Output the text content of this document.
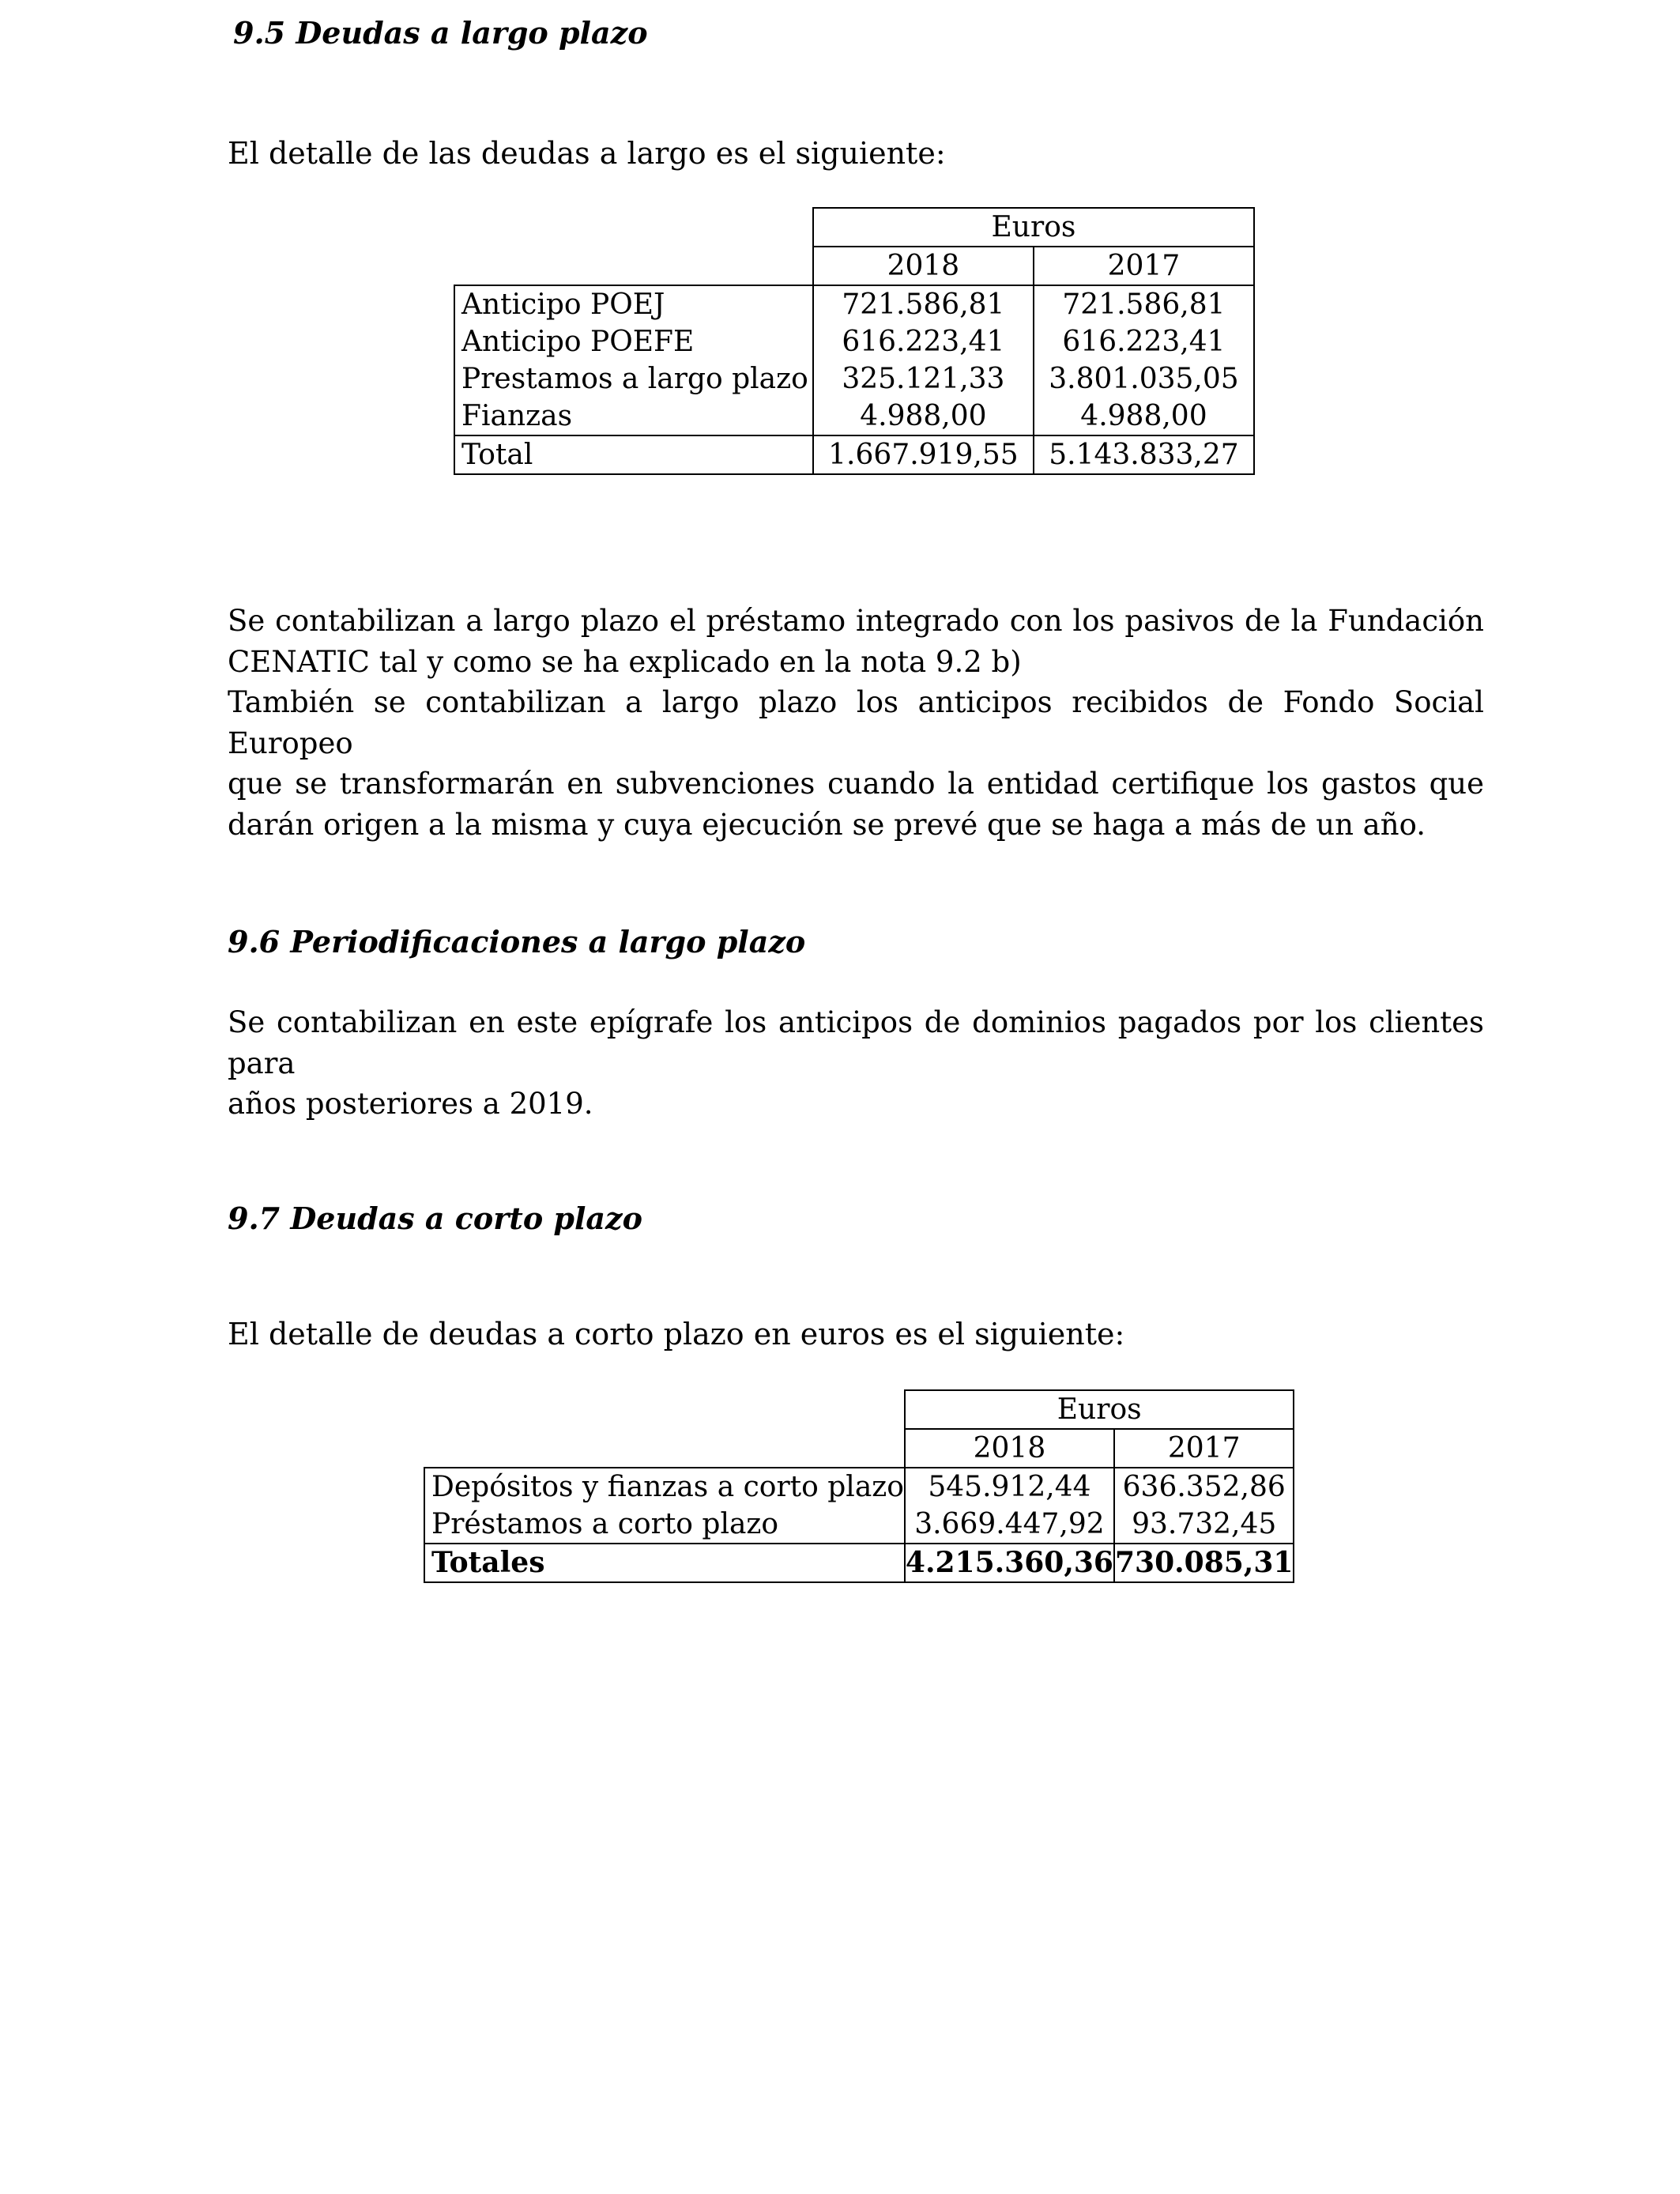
9.5 Deudas a largo plazo

El detalle de las deudas a largo es el siguiente:

	Euros	
	2018	2017
Anticipo POEJ	721.586,81	721.586,81
Anticipo POEFE	616.223,41	616.223,41
Prestamos a largo plazo	325.121,33	3.801.035,05
Fianzas	4.988,00	4.988,00
Total	1.667.919,55	5.143.833,27
Se contabilizan a largo plazo el préstamo integrado con los pasivos de la Fundación
CENATIC tal y como se ha explicado en la nota 9.2 b)
También se contabilizan a largo plazo los anticipos recibidos de Fondo Social Europeo
que se transformarán en subvenciones cuando la entidad certifique los gastos que
darán origen a la misma y cuya ejecución se prevé que se haga a más de un año.
9.6 Periodificaciones a largo plazo
Se contabilizan en este epígrafe los anticipos de dominios pagados por los clientes para
años posteriores a 2019.
9.7 Deudas a corto plazo

El detalle de deudas a corto plazo en euros es el siguiente:

	Euros	
	2018	2017
Depósitos y fianzas a corto plazo	545.912,44	636.352,86
Préstamos a corto plazo	3.669.447,92	93.732,45
Totales	4.215.360,36	730.085,31
